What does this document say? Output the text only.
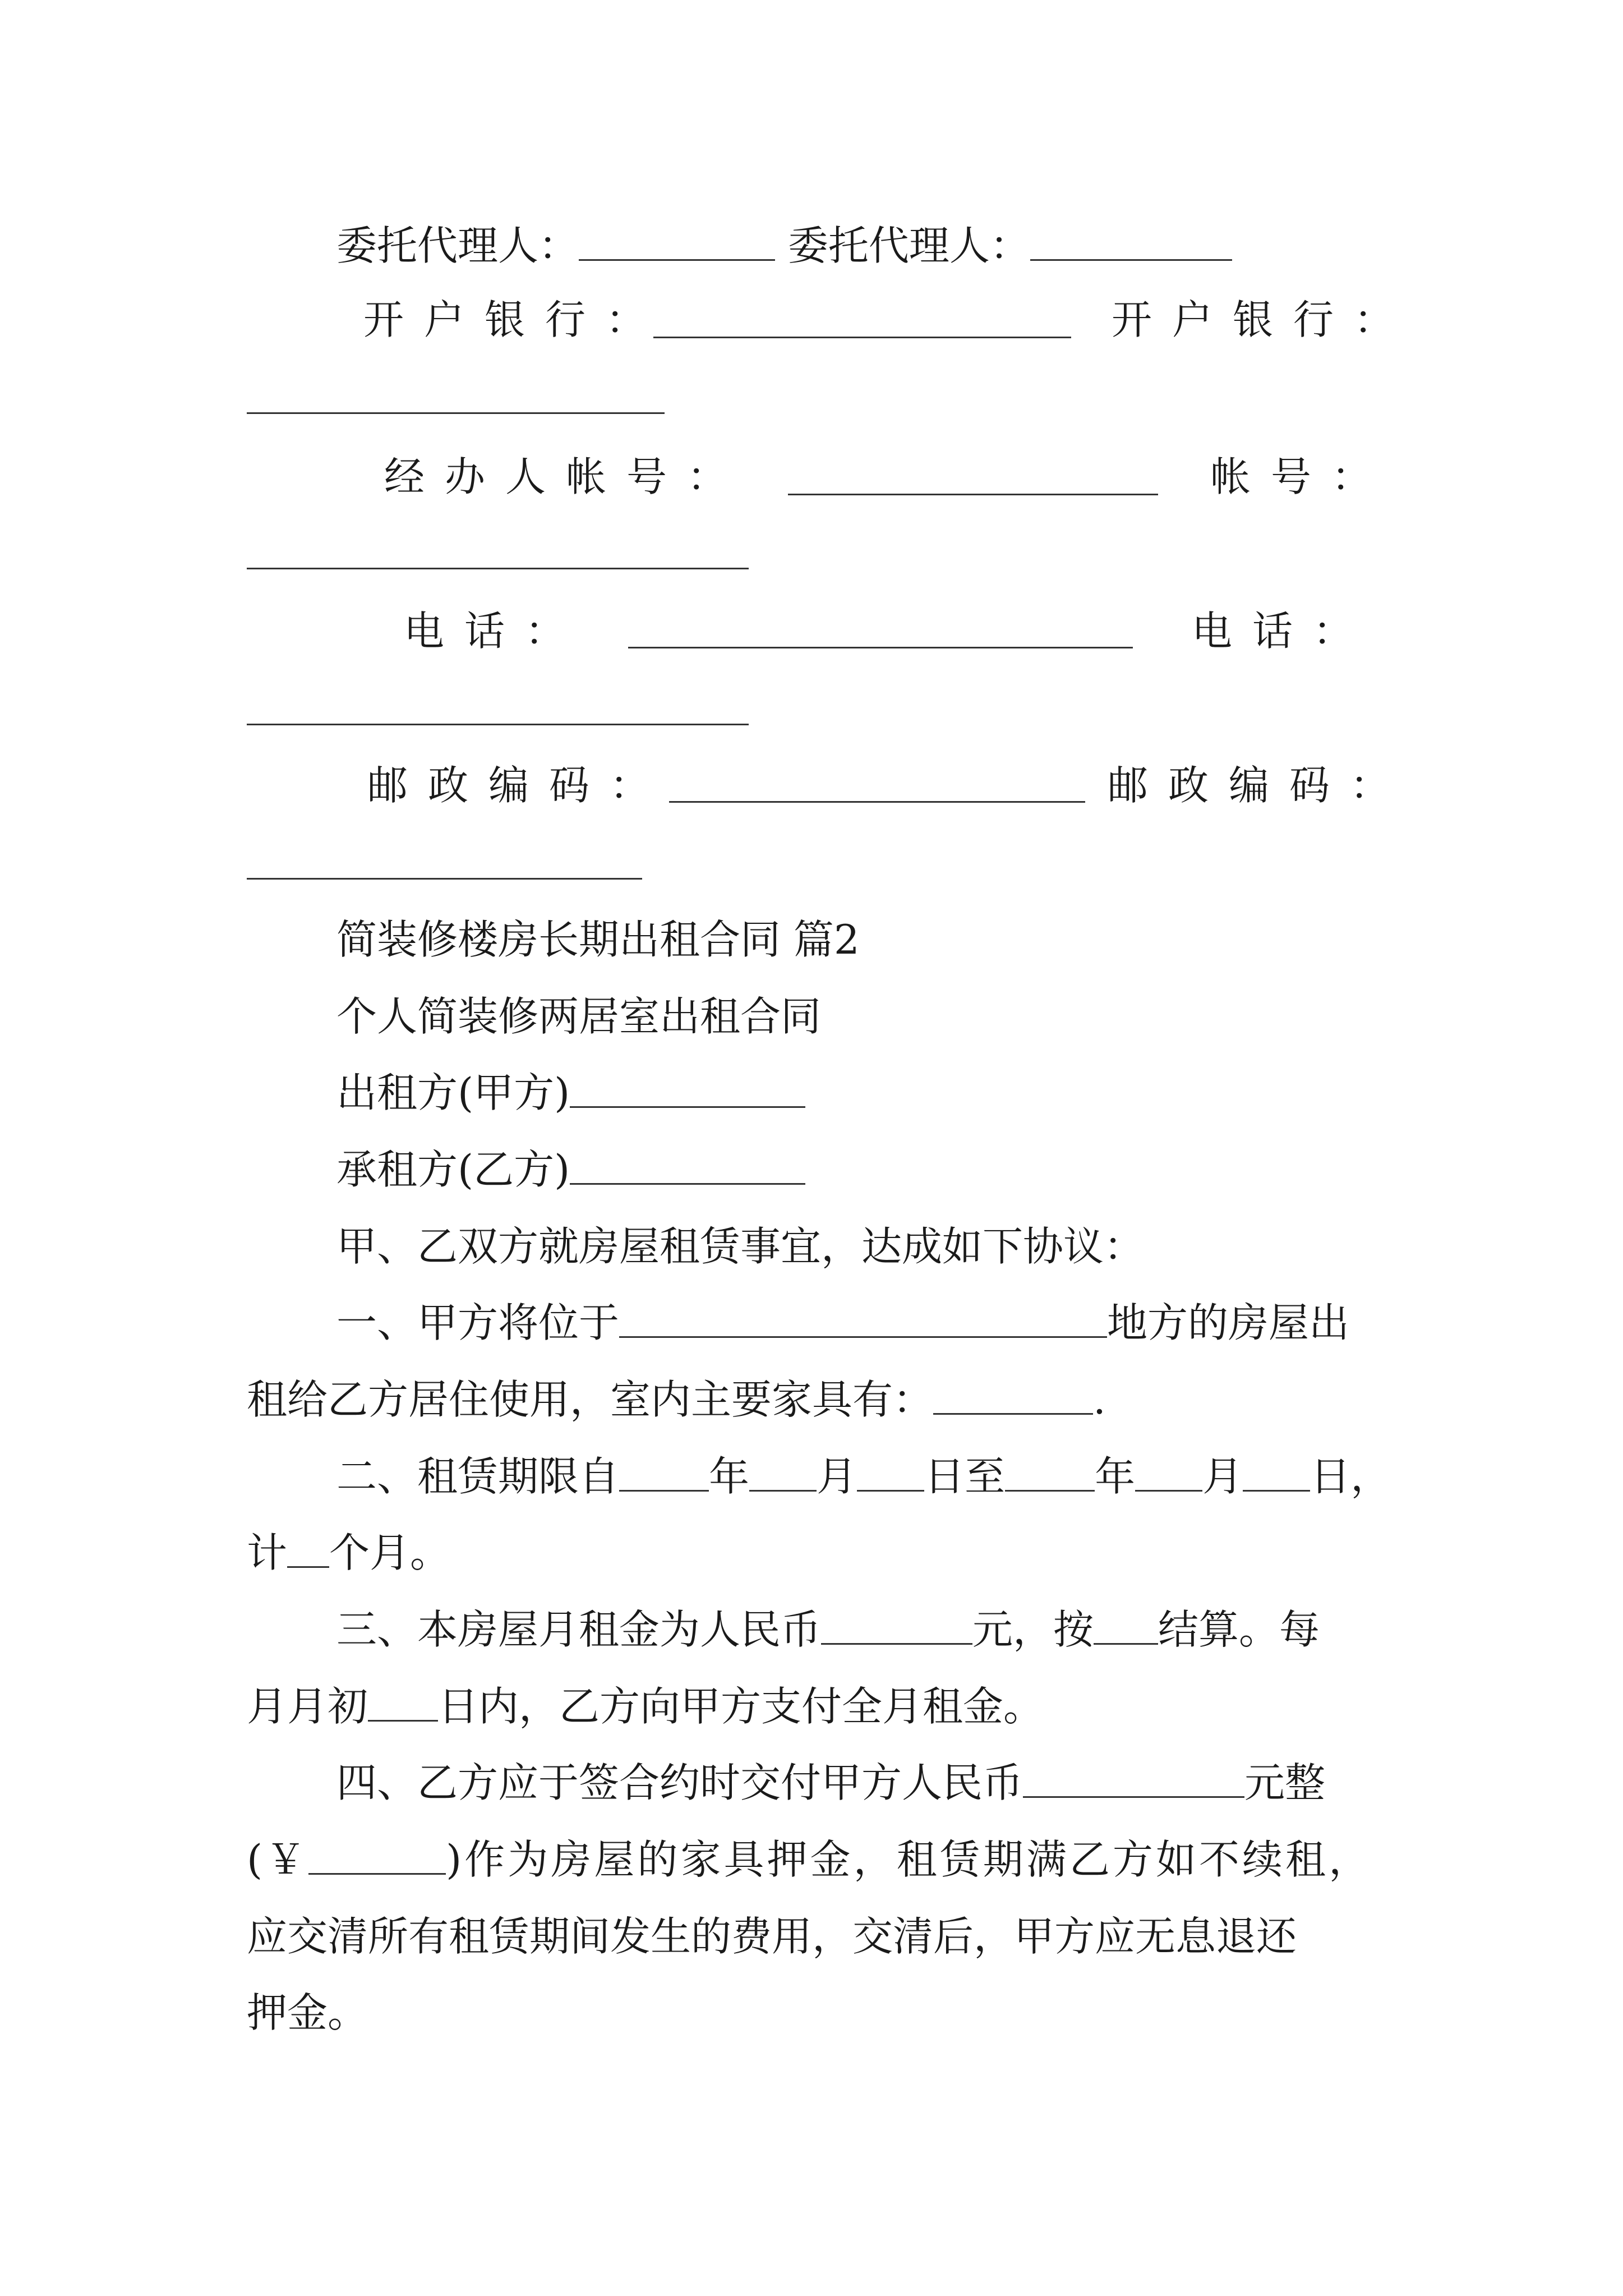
委托代理人：	委托代理人：
开户银行：	开户银行：
经办人帐号：	帐号：
电话：	电话：
邮政编码：	邮政编码：
简装修楼房长期出租合同 篇2
个人简装修两居室出租合同
出租方(甲方)
承租方(乙方)
甲、乙双方就房屋租赁事宜，达成如下协议：
一、甲方将位于	地方的房屋出
租给乙方居住使用，室内主要家具有：	.
二、租赁期限自 年 月 日至 年 月 日，
计 个月。
三、本房屋月租金为人民币	元，按 结算。每
月月初 日内，乙方向甲方支付全月租金。
四、乙方应于签合约时交付甲方人民币	元整
(￥	)作为房屋的家具押金，租赁期满乙方如不续租，
应交清所有租赁期间发生的费用，交清后，甲方应无息退还
押金。
